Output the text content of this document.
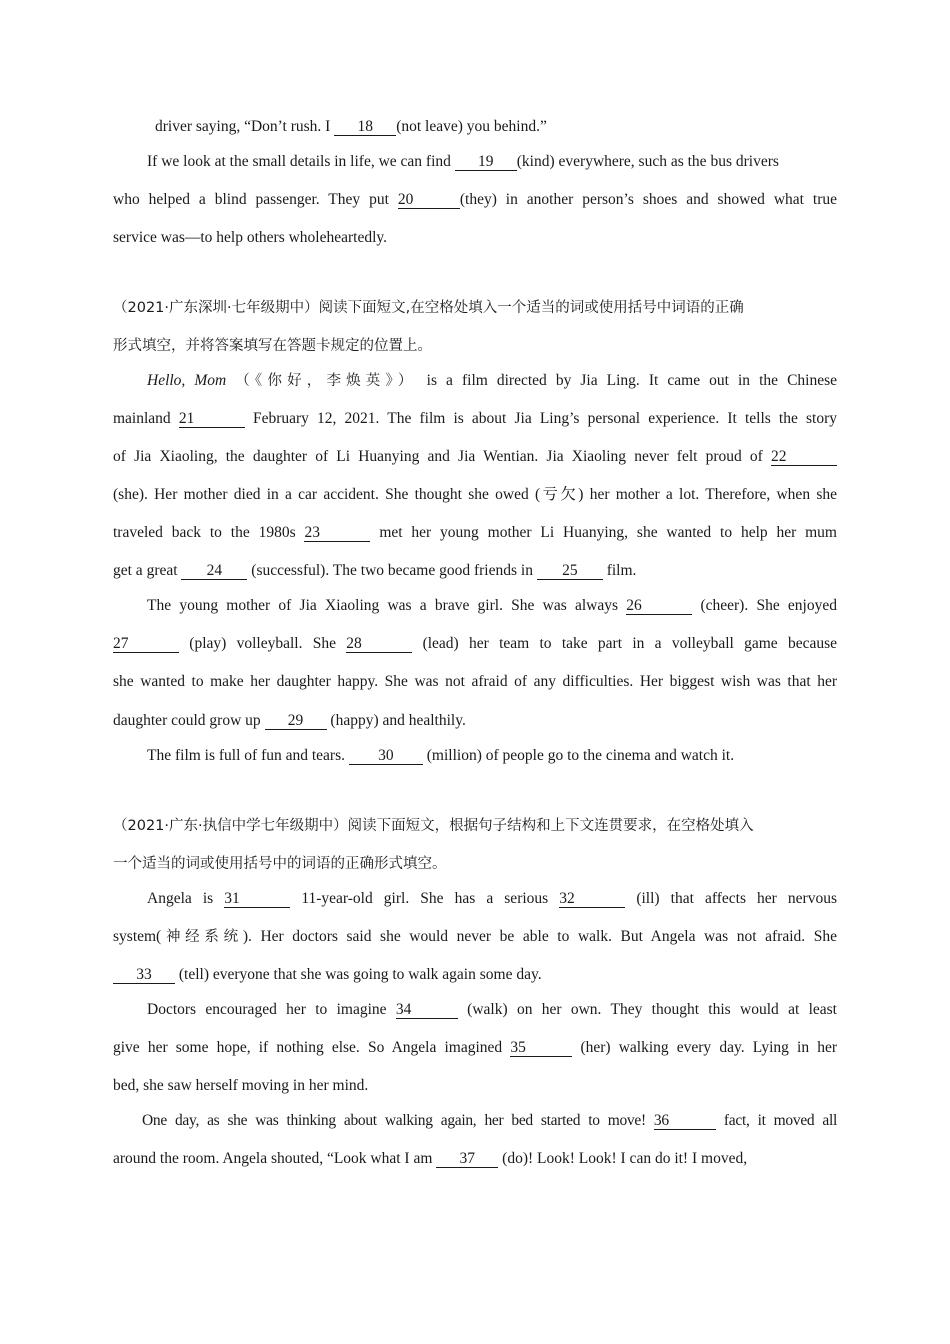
driver saying, “Don’t rush. I 18 (not leave) you behind.”
If we look at the small details in life, we can find 19 (kind) everywhere, such as the bus drivers
who helped a blind passenger. They put 20	(they) in another person’s shoes and showed what true
service was—to help others wholeheartedly.
（2021·广东深圳·七年级期中）阅读下面短文,在空格处填入一个适当的词或使用括号中词语的正确
形式填空，并将答案填写在答题卡规定的位置上。
Hello, Mom （《你好，李焕英》） is a film directed by Jia Ling. It came out in the Chinese
mainland 21	February 12, 2021. The film is about Jia Ling’s personal experience. It tells the story
of Jia Xiaoling, the daughter of Li Huanying and Jia Wentian. Jia Xiaoling never felt proud of 22
(she). Her mother died in a car accident. She thought she owed (亏欠) her mother a lot. Therefore, when she
traveled back to the 1980s 23	met her young mother Li Huanying, she wanted to help her mum
get a great 24 (successful). The two became good friends in 25 film.
The young mother of Jia Xiaoling was a brave girl. She was always 26	(cheer). She enjoyed
27	(play) volleyball. She 28	(lead) her team to take part in a volleyball game because
she wanted to make her daughter happy. She was not afraid of any difficulties. Her biggest wish was that her
daughter could grow up 29 (happy) and healthily.
The film is full of fun and tears. 30 (million) of people go to the cinema and watch it.
（2021·广东·执信中学七年级期中）阅读下面短文，根据句子结构和上下文连贯要求，在空格处填入
一个适当的词或使用括号中的词语的正确形式填空。
Angela is 31	11-year-old girl. She has a serious 32	(ill) that affects her nervous
system(神经系统). Her doctors said she would never be able to walk. But Angela was not afraid. She
33 (tell) everyone that she was going to walk again some day.
Doctors encouraged her to imagine 34	(walk) on her own. They thought this would at least
give her some hope, if nothing else. So Angela imagined 35	(her) walking every day. Lying in her
bed, she saw herself moving in her mind.
One day, as she was thinking about walking again, her bed started to move! 36	fact, it moved all
around the room. Angela shouted, “Look what I am 37 (do)! Look! Look! I can do it! I moved,
